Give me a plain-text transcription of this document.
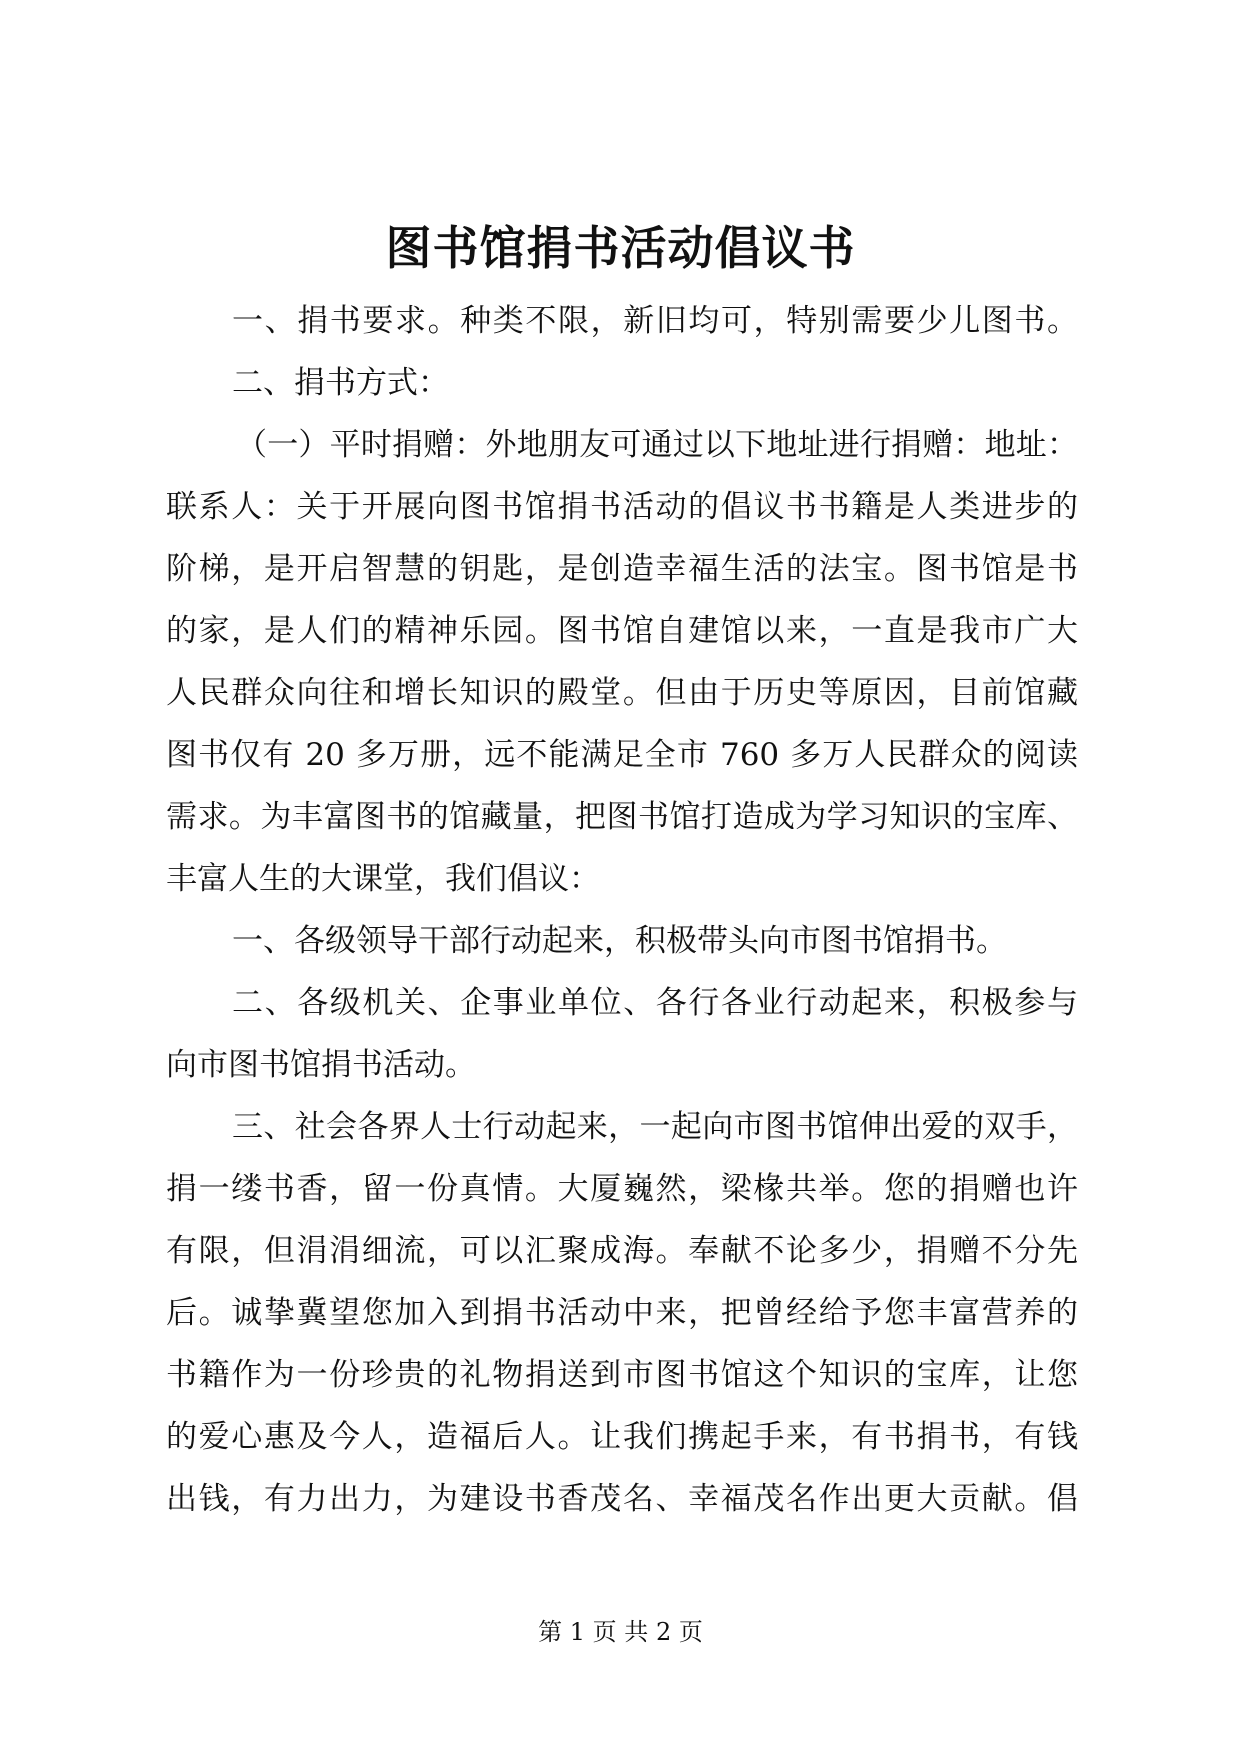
图书馆捐书活动倡议书
一、捐书要求。种类不限，新旧均可，特别需要少儿图书。
二、捐书方式：
（一）平时捐赠：外地朋友可通过以下地址进行捐赠：地址：
联系人：关于开展向图书馆捐书活动的倡议书书籍是人类进步的
阶梯，是开启智慧的钥匙，是创造幸福生活的法宝。图书馆是书
的家，是人们的精神乐园。图书馆自建馆以来，一直是我市广大
人民群众向往和增长知识的殿堂。但由于历史等原因，目前馆藏
图书仅有 20 多万册，远不能满足全市 760 多万人民群众的阅读
需求。为丰富图书的馆藏量，把图书馆打造成为学习知识的宝库、
丰富人生的大课堂，我们倡议：
一、各级领导干部行动起来，积极带头向市图书馆捐书。
二、各级机关、企事业单位、各行各业行动起来，积极参与
向市图书馆捐书活动。
三、社会各界人士行动起来，一起向市图书馆伸出爱的双手，
捐一缕书香，留一份真情。大厦巍然，梁椽共举。您的捐赠也许
有限，但涓涓细流，可以汇聚成海。奉献不论多少，捐赠不分先
后。诚挚冀望您加入到捐书活动中来，把曾经给予您丰富营养的
书籍作为一份珍贵的礼物捐送到市图书馆这个知识的宝库，让您
的爱心惠及今人，造福后人。让我们携起手来，有书捐书，有钱
出钱，有力出力，为建设书香茂名、幸福茂名作出更大贡献。倡
第 1 页 共 2 页
